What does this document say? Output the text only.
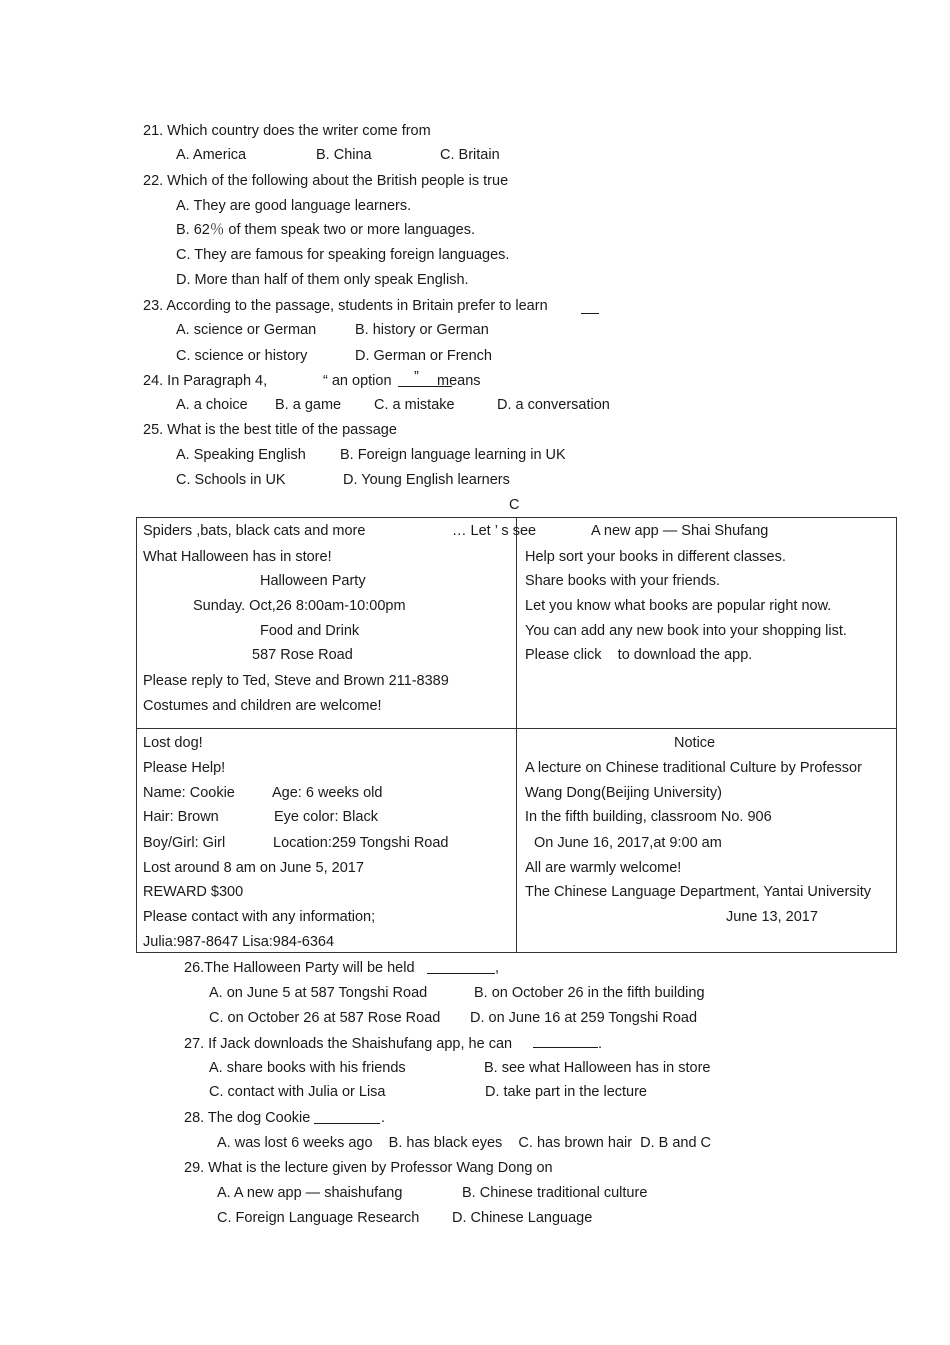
21. Which country does the writer come from
A. America	B. China	C. Britain
22. Which of the following about the British people is true
A. They are good language learners.
B. 62％ of them speak two or more languages.
C. They are famous for speaking foreign languages.
D. More than half of them only speak English.
23. According to the passage, students in Britain prefer to learn
A. science or German	B. history or German
C. science or history	D. German or French
24. In Paragraph 4,	“ an option ” means
A. a choice B. a game C. a mistake	D. a conversation
25. What is the best title of the passage
A. Speaking English B. Foreign language learning in UK
C. Schools in UK	D. Young English learners
C
Spiders ,bats, black cats and more	… Let ’ s see
What Halloween has in store!
Halloween Party
Sunday. Oct,26 8:00am-10:00pm
Food and Drink
587 Rose Road
Please reply to Ted, Steve and Brown 211-8389
Costumes and children are welcome!
A new app — Shai Shufang
Help sort your books in different classes.
Share books with your friends.
Let you know what books are popular right now.
You can add any new book into your shopping list.
Please click    to download the app.
Lost dog!
Please Help!
Name: Cookie	Age: 6 weeks old
Hair: Brown	Eye color: Black
Boy/Girl: Girl	Location:259 Tongshi Road
Lost around 8 am on June 5, 2017
REWARD $300
Please contact with any information;
Julia:987-8647 Lisa:984-6364
Notice
A lecture on Chinese traditional Culture by Professor
Wang Dong(Beijing University)
In the fifth building, classroom No. 906
On June 16, 2017,at 9:00 am
All are warmly welcome!
The Chinese Language Department, Yantai University
June 13, 2017
26.The Halloween Party will be held	,
A. on June 5 at 587 Tongshi Road	B. on October 26 in the fifth building
C. on October 26 at 587 Rose Road D. on June 16 at 259 Tongshi Road
27. If Jack downloads the Shaishufang app, he can	.
A. share books with his friends	B. see what Halloween has in store
C. contact with Julia or Lisa	D. take part in the lecture
28. The dog Cookie	.
A. was lost 6 weeks ago    B. has black eyes    C. has brown hair  D. B and C
29. What is the lecture given by Professor Wang Dong on
A. A new app — shaishufang	B. Chinese traditional culture
C. Foreign Language Research D. Chinese Language
